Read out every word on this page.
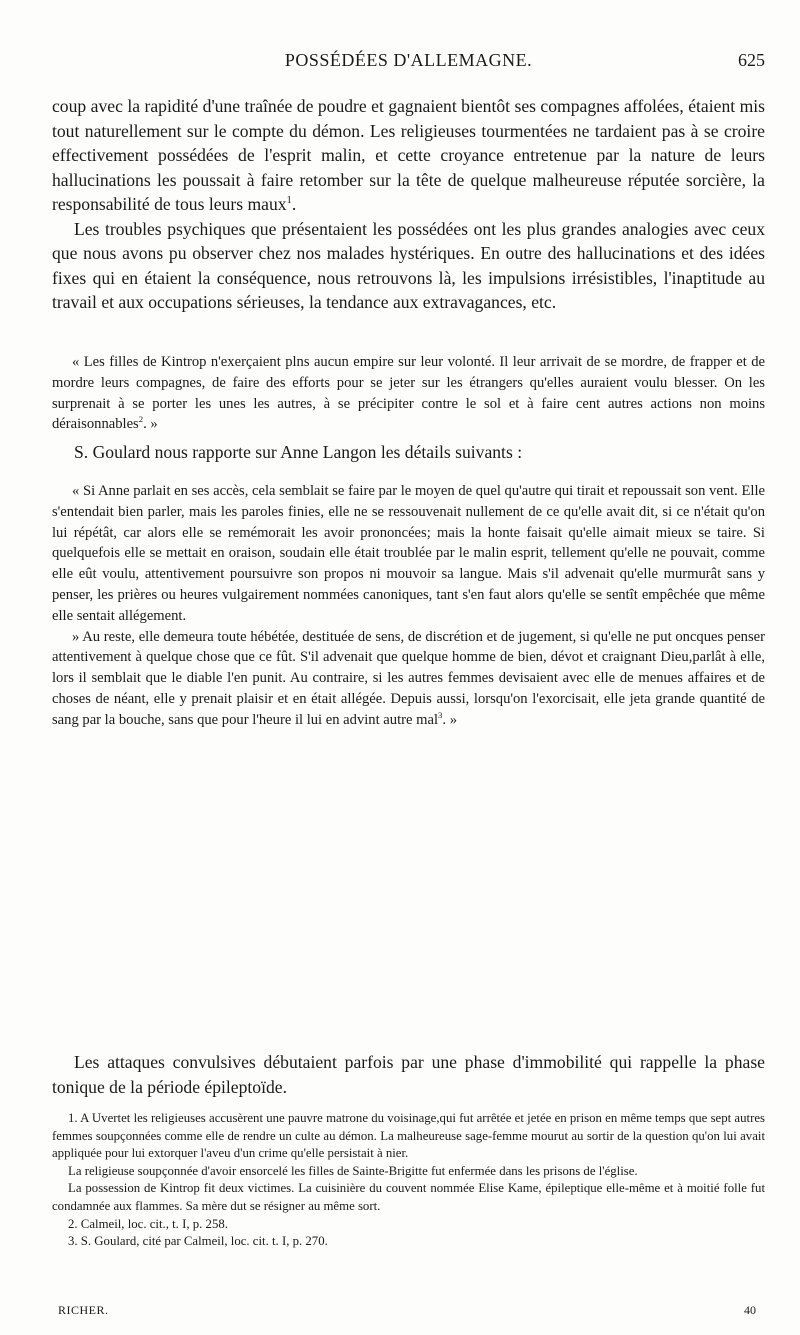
POSSÉDÉES D'ALLEMAGNE.	625

coup avec la rapidité d'une traînée de poudre et gagnaient bientôt ses compagnes affolées, étaient mis tout naturellement sur le compte du démon. Les religieuses tourmentées ne tardaient pas à se croire effectivement possédées de l'esprit malin, et cette croyance entretenue par la nature de leurs hallucinations les poussait à faire retomber sur la tête de quelque malheureuse réputée sorcière, la responsabilité de tous leurs maux$^1$.

Les troubles psychiques que présentaient les possédées ont les plus grandes analogies avec ceux que nous avons pu observer chez nos malades hystériques. En outre des hallucinations et des idées fixes qui en étaient la conséquence, nous retrouvons là, les impulsions irrésistibles, l'inaptitude au travail et aux occupations sérieuses, la tendance aux extravagances, etc.

« Les filles de Kintrop n'exerçaient plns aucun empire sur leur volonté. Il leur arrivait de se mordre, de frapper et de mordre leurs compagnes, de faire des efforts pour se jeter sur les étrangers qu'elles auraient voulu blesser. On les surprenait à se porter les unes les autres, à se précipiter contre le sol et à faire cent autres actions non moins déraisonnables$^2$. »

S. Goulard nous rapporte sur Anne Langon les détails suivants :

« Si Anne parlait en ses accès, cela semblait se faire par le moyen de quel qu'autre qui tirait et repoussait son vent. Elle s'entendait bien parler, mais les paroles finies, elle ne se ressouvenait nullement de ce qu'elle avait dit, si ce n'était qu'on lui répétât, car alors elle se remémorait les avoir prononcées; mais la honte faisait qu'elle aimait mieux se taire. Si quelquefois elle se mettait en oraison, soudain elle était troublée par le malin esprit, tellement qu'elle ne pouvait, comme elle eût voulu, attentivement poursuivre son propos ni mouvoir sa langue. Mais s'il advenait qu'elle murmurât sans y penser, les prières ou heures vulgairement nommées canoniques, tant s'en faut alors qu'elle se sentît empêchée que même elle sentait allégement.

» Au reste, elle demeura toute hébétée, destituée de sens, de discrétion et de jugement, si qu'elle ne put oncques penser attentivement à quelque chose que ce fût. S'il advenait que quelque homme de bien, dévot et craignant Dieu,parlât à elle, lors il semblait que le diable l'en punit. Au contraire, si les autres femmes devisaient avec elle de menues affaires et de choses de néant, elle y prenait plaisir et en était allégée. Depuis aussi, lorsqu'on l'exorcisait, elle jeta grande quantité de sang par la bouche, sans que pour l'heure il lui en advint autre mal$^3$. »

Les attaques convulsives débutaient parfois par une phase d'immobilité qui rappelle la phase tonique de la période épileptoïde.

1. A Uvertet les religieuses accusèrent une pauvre matrone du voisinage,qui fut arrêtée et jetée en prison en même temps que sept autres femmes soupçonnées comme elle de rendre un culte au démon. La malheureuse sage-femme mourut au sortir de la question qu'on lui avait appliquée pour lui extorquer l'aveu d'un crime qu'elle persistait à nier.

La religieuse soupçonnée d'avoir ensorcelé les filles de Sainte-Brigitte fut enfermée dans les prisons de l'église.

La possession de Kintrop fit deux victimes. La cuisinière du couvent nommée Elise Kame, épileptique elle-même et à moitié folle fut condamnée aux flammes. Sa mère dut se résigner au même sort.

2. Calmeil, loc. cit., t. I, p. 258.

3. S. Goulard, cité par Calmeil, loc. cit. t. I, p. 270.

RICHER.	40
